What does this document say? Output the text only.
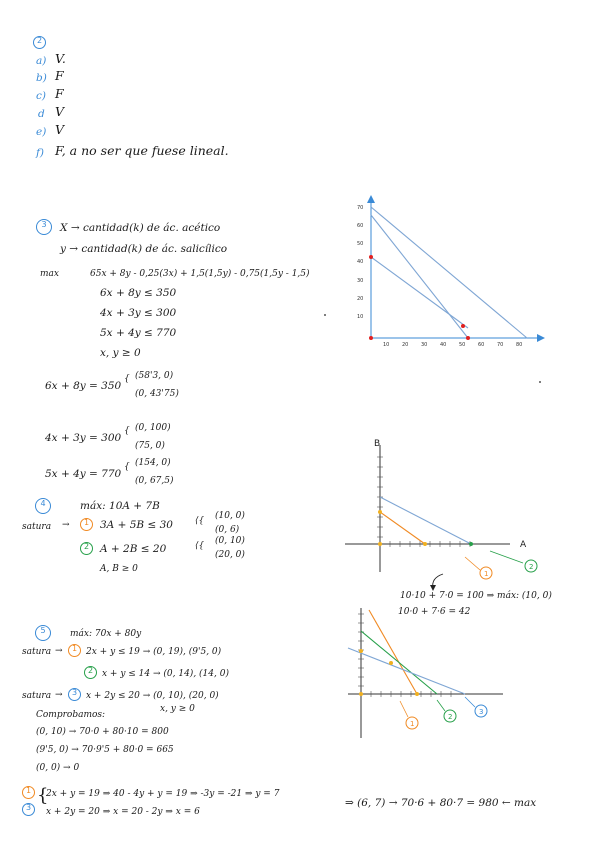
2
a) V.
b) F
c) F
d V
e) V
f) F, a no ser que fuese lineal.
3	X → cantidad(k) de ác. acético
y → cantidad(k) de ác. salicílico
max	65x + 8y - 0,25(3x) + 1,5(1,5y) - 0,75(1,5y - 1,5)
6x + 8y ≤ 350
4x + 3y ≤ 300
5x + 4y ≤ 770
x, y ≥ 0
6x + 8y = 350
{ (58'3, 0)
(0, 43'75)
4x + 3y = 300
{ (0, 100)
(75, 0)
5x + 4y = 770
{ (154, 0)
(0, 67,5)
70
60
50
40
30
20
10
10	20	30	40	50	60	70	80
4	máx: 10A + 7B
satura →	1 3A + 5B ≤ 30 ⟨{ (10, 0)
(0, 6)
2 A + 2B ≤ 20	⟨{ (0, 10)
(20, 0)
A, B ≥ 0
B
A
1
2
10·10 + 7·0 = 100 ⇒ máx: (10, 0)
10·0 + 7·6 = 42
1
2
3
5	máx: 70x + 80y
satura →	1 2x + y ≤ 19 → (0, 19), (9'5, 0)
2 x + y ≤ 14 → (0, 14), (14, 0)
satura →	3 x + 2y ≤ 20 → (0, 10), (20, 0)
x, y ≥ 0
Comprobamos:
(0, 10) → 70·0 + 80·10 = 800
(9'5, 0) → 70·9'5 + 80·0 = 665
(0, 0) → 0
1
3
{
2x + y = 19 ⇒ 40 - 4y + y = 19 ⇒ -3y = -21 ⇒ y = 7
x + 2y = 20 ⇒ x = 20 - 2y ⇒ x = 6
⇒ (6, 7) → 70·6 + 80·7 = 980 ← max
